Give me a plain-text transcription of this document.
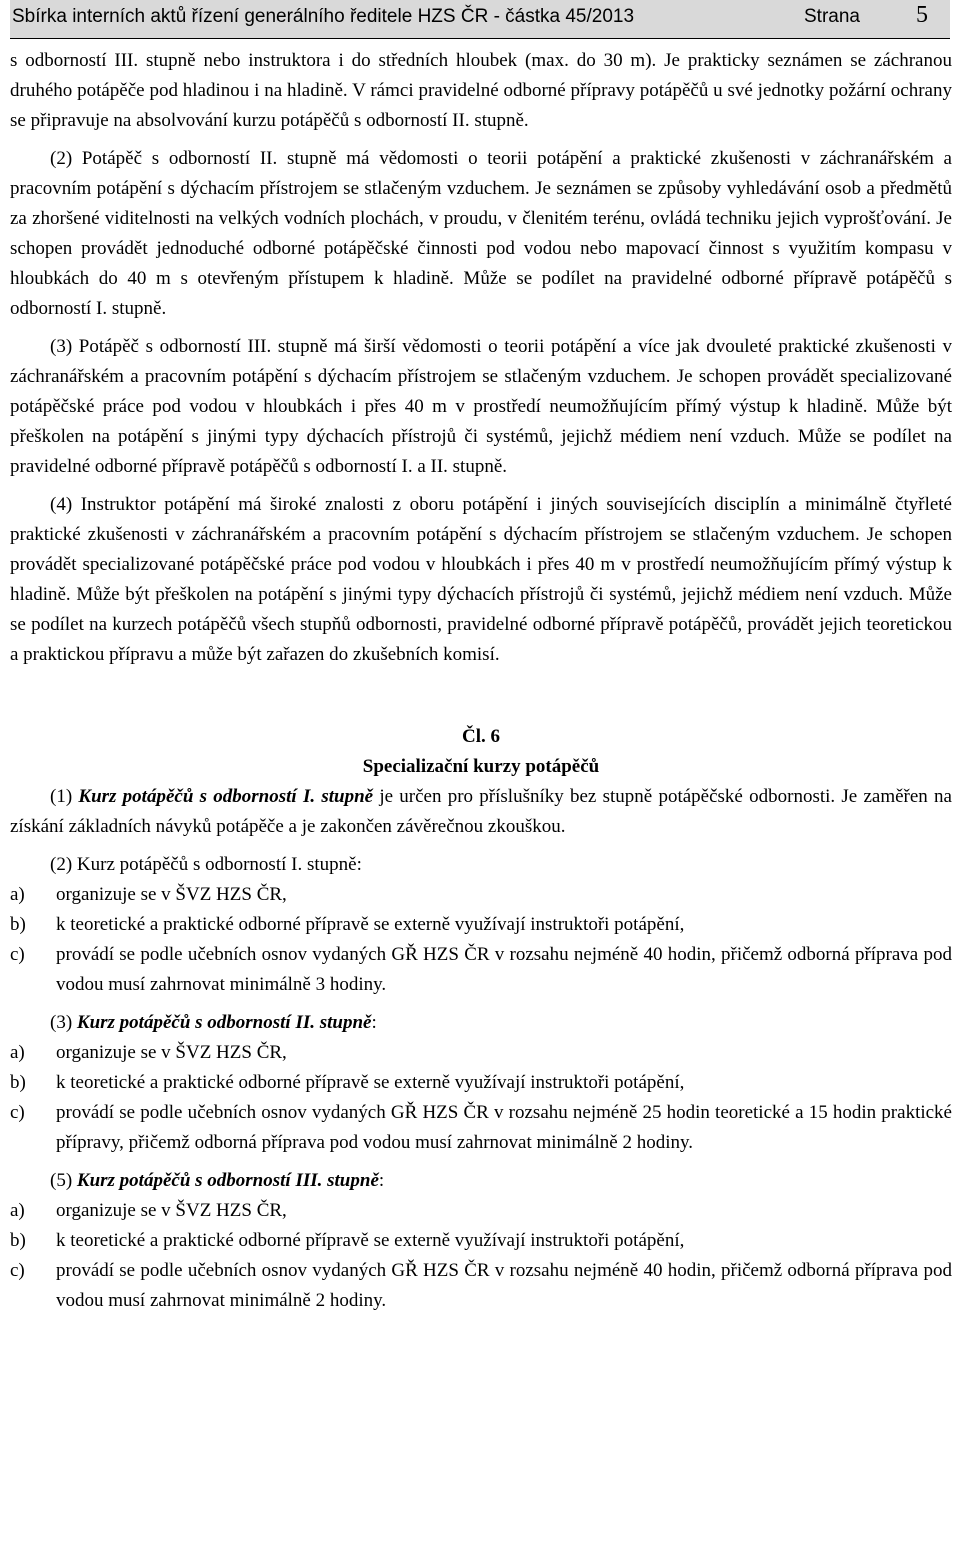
Sbírka interních aktů řízení generálního ředitele HZS ČR - částka 45/2013	Strana 5

s odborností III. stupně nebo instruktora i do středních hloubek (max. do 30 m). Je prakticky seznámen se záchranou druhého potápěče pod hladinou i na hladině. V rámci pravidelné odborné přípravy potápěčů u své jednotky požární ochrany se připravuje na absolvování kurzu potápěčů s odborností II. stupně.

(2) Potápěč s odborností II. stupně má vědomosti o teorii potápění a praktické zkušenosti v záchranářském a pracovním potápění s dýchacím přístrojem se stlačeným vzduchem. Je seznámen se způsoby vyhledávání osob a předmětů za zhoršené viditelnosti na velkých vodních plochách, v proudu, v členitém terénu, ovládá techniku jejich vyprošťování. Je schopen provádět jednoduché odborné potápěčské činnosti pod vodou nebo mapovací činnost s využitím kompasu v hloubkách do 40 m s otevřeným přístupem k hladině. Může se podílet na pravidelné odborné přípravě potápěčů s odborností I. stupně.

(3) Potápěč s odborností III. stupně má širší vědomosti o teorii potápění a více jak dvouleté praktické zkušenosti v záchranářském a pracovním potápění s dýchacím přístrojem se stlačeným vzduchem. Je schopen provádět specializované potápěčské práce pod vodou v hloubkách i přes 40 m v prostředí neumožňujícím přímý výstup k hladině. Může být přeškolen na potápění s jinými typy dýchacích přístrojů či systémů, jejichž médiem není vzduch. Může se podílet na pravidelné odborné přípravě potápěčů s odborností I. a II. stupně.

(4) Instruktor potápění má široké znalosti z oboru potápění i jiných souvisejících disciplín a minimálně čtyřleté praktické zkušenosti v záchranářském a pracovním potápění s dýchacím přístrojem se stlačeným vzduchem. Je schopen provádět specializované potápěčské práce pod vodou v hloubkách i přes 40 m v prostředí neumožňujícím přímý výstup k hladině. Může být přeškolen na potápění s jinými typy dýchacích přístrojů či systémů, jejichž médiem není vzduch. Může se podílet na kurzech potápěčů všech stupňů odbornosti, pravidelné odborné přípravě potápěčů, provádět jejich teoretickou a praktickou přípravu a může být zařazen do zkušebních komisí.

Čl. 6

Specializační kurzy potápěčů

(1) Kurz potápěčů s odborností I. stupně je určen pro příslušníky bez stupně potápěčské odbornosti. Je zaměřen na získání základních návyků potápěče a je zakončen závěrečnou zkouškou.

(2) Kurz potápěčů s odborností I. stupně:

a) organizuje se v ŠVZ HZS ČR,
b) k teoretické a praktické odborné přípravě se externě využívají instruktoři potápění,
c) provádí se podle učebních osnov vydaných GŘ HZS ČR v rozsahu nejméně 40 hodin, přičemž odborná příprava pod vodou musí zahrnovat minimálně 3 hodiny.

(3) Kurz potápěčů s odborností II. stupně:

a) organizuje se v ŠVZ HZS ČR,
b) k teoretické a praktické odborné přípravě se externě využívají instruktoři potápění,
c) provádí se podle učebních osnov vydaných GŘ HZS ČR v rozsahu nejméně 25 hodin teoretické a 15 hodin praktické přípravy, přičemž odborná příprava pod vodou musí zahrnovat minimálně 2 hodiny.

(5) Kurz potápěčů s odborností III. stupně:

a) organizuje se v ŠVZ HZS ČR,
b) k teoretické a praktické odborné přípravě se externě využívají instruktoři potápění,
c) provádí se podle učebních osnov vydaných GŘ HZS ČR v rozsahu nejméně 40 hodin, přičemž odborná příprava pod vodou musí zahrnovat minimálně 2 hodiny.
